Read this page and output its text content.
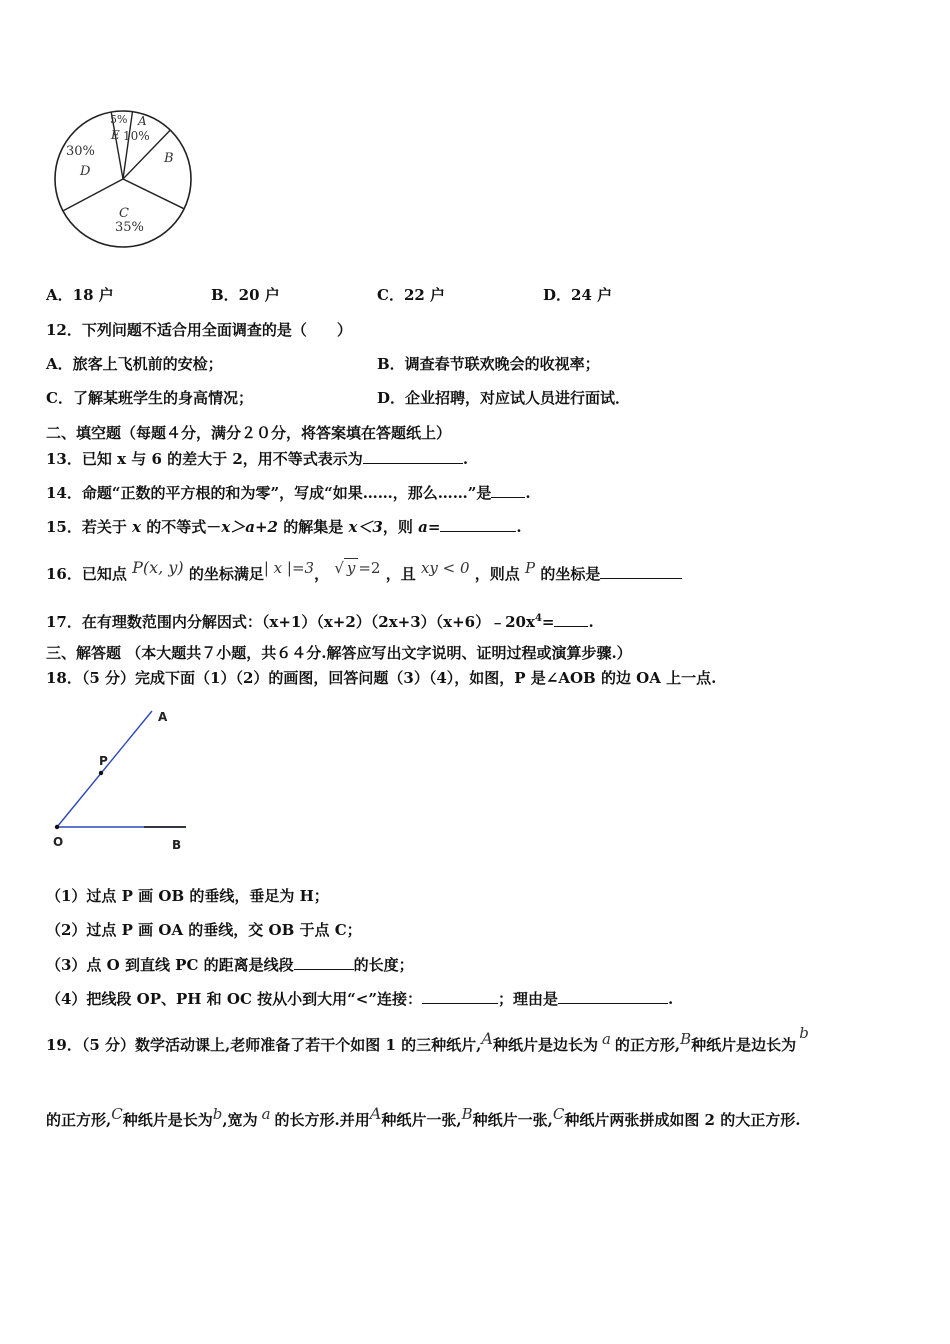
5% A
E 10%
B
30%
D
C
35%
A．18 户	B．20 户	C．22 户	D．24 户
12．下列问题不适合用全面调查的是（　　）
A．旅客上飞机前的安检；	B．调查春节联欢晚会的收视率；
C．了解某班学生的身高情况；	D．企业招聘，对应试人员进行面试．
二、填空题（每题４分，满分２０分，将答案填在答题纸上）
13．已知 x 与 6 的差大于 2，用不等式表示为	.
14．命题“正数的平方根的和为零”，写成“如果……，那么……”是 .
15．若关于 x 的不等式－x＞a+2 的解集是 x＜3，则 a=	.
16．已知点 P(x, y) 的坐标满足| x |=3， √ y =2 ，且 xy < 0 ，则点 P 的坐标是
17．在有理数范围内分解因式：$(x+1)(x+2)(2x+3)(x+6)﹣20x^4=$ .
三、解答题 （本大题共７小题，共６４分.解答应写出文字说明、证明过程或演算步骤.）
18．（5 分）完成下面（1）（2）的画图，回答问题（3）（4），如图，P 是∠AOB 的边 OA 上一点.
A
P
O	B
（1）过点 P 画 OB 的垂线，垂足为 H；
（2）过点 P 画 OA 的垂线，交 OB 于点 C；
（3）点 O 到直线 PC 的距离是线段	的长度；
（4）把线段 OP、PH 和 OC 按从小到大用“<”连接：	；理由是	.
19．（5 分）数学活动课上,老师准备了若干个如图 1 的三种纸片,A种纸片是边长为 a 的正方形,B种纸片是边长为b
的正方形,C种纸片是长为b,宽为 a 的长方形.并用A种纸片一张,B种纸片一张,C种纸片两张拼成如图 2 的大正方形.
